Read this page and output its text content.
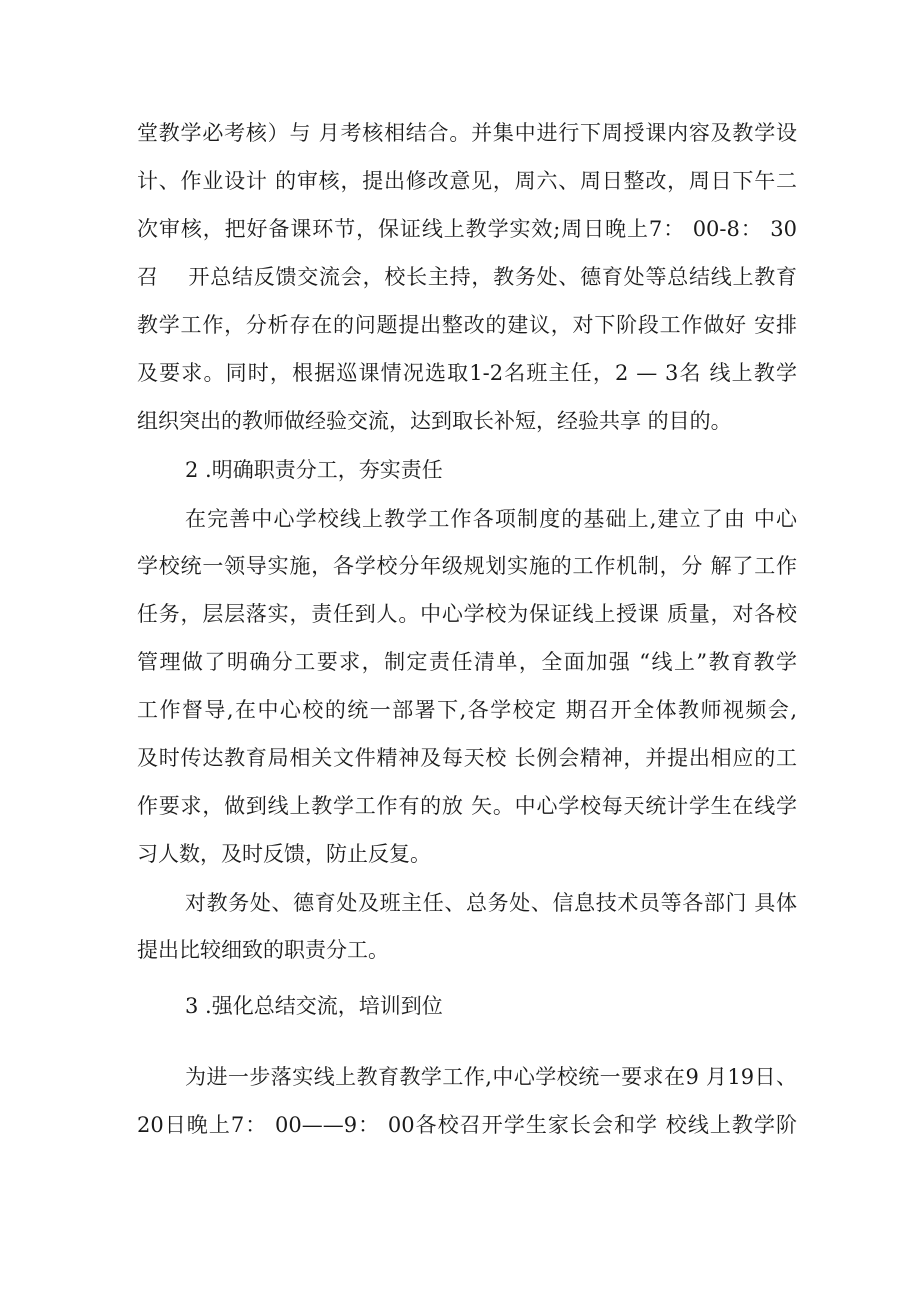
堂教学必考核）与 月考核相结合。并集中进行下周授课内容及教学设
计、作业设计 的审核，提出修改意见，周六、周日整改，周日下午二
次审核，把好备课环节，保证线上教学实效;周日晚上7： 00-8： 30
召    开总结反馈交流会，校长主持，教务处、德育处等总结线上教育
教学工作，分析存在的问题提出整改的建议，对下阶段工作做好 安排
及要求。同时，根据巡课情况选取1-2名班主任，2 — 3名 线上教学
组织突出的教师做经验交流，达到取长补短，经验共享 的目的。
2 .明确职责分工，夯实责任
在完善中心学校线上教学工作各项制度的基础上,建立了由 中心
学校统一领导实施，各学校分年级规划实施的工作机制，分 解了工作
任务，层层落实，责任到人。中心学校为保证线上授课 质量，对各校
管理做了明确分工要求，制定责任清单，全面加强 “线上”教育教学
工作督导,在中心校的统一部署下,各学校定 期召开全体教师视频会,
及时传达教育局相关文件精神及每天校 长例会精神，并提出相应的工
作要求，做到线上教学工作有的放 矢。中心学校每天统计学生在线学
习人数，及时反馈，防止反复。
对教务处、德育处及班主任、总务处、信息技术员等各部门 具体
提出比较细致的职责分工。
3 .强化总结交流，培训到位
为进一步落实线上教育教学工作,中心学校统一要求在9 月19日、
20日晚上7： 00——9： 00各校召开学生家长会和学 校线上教学阶
